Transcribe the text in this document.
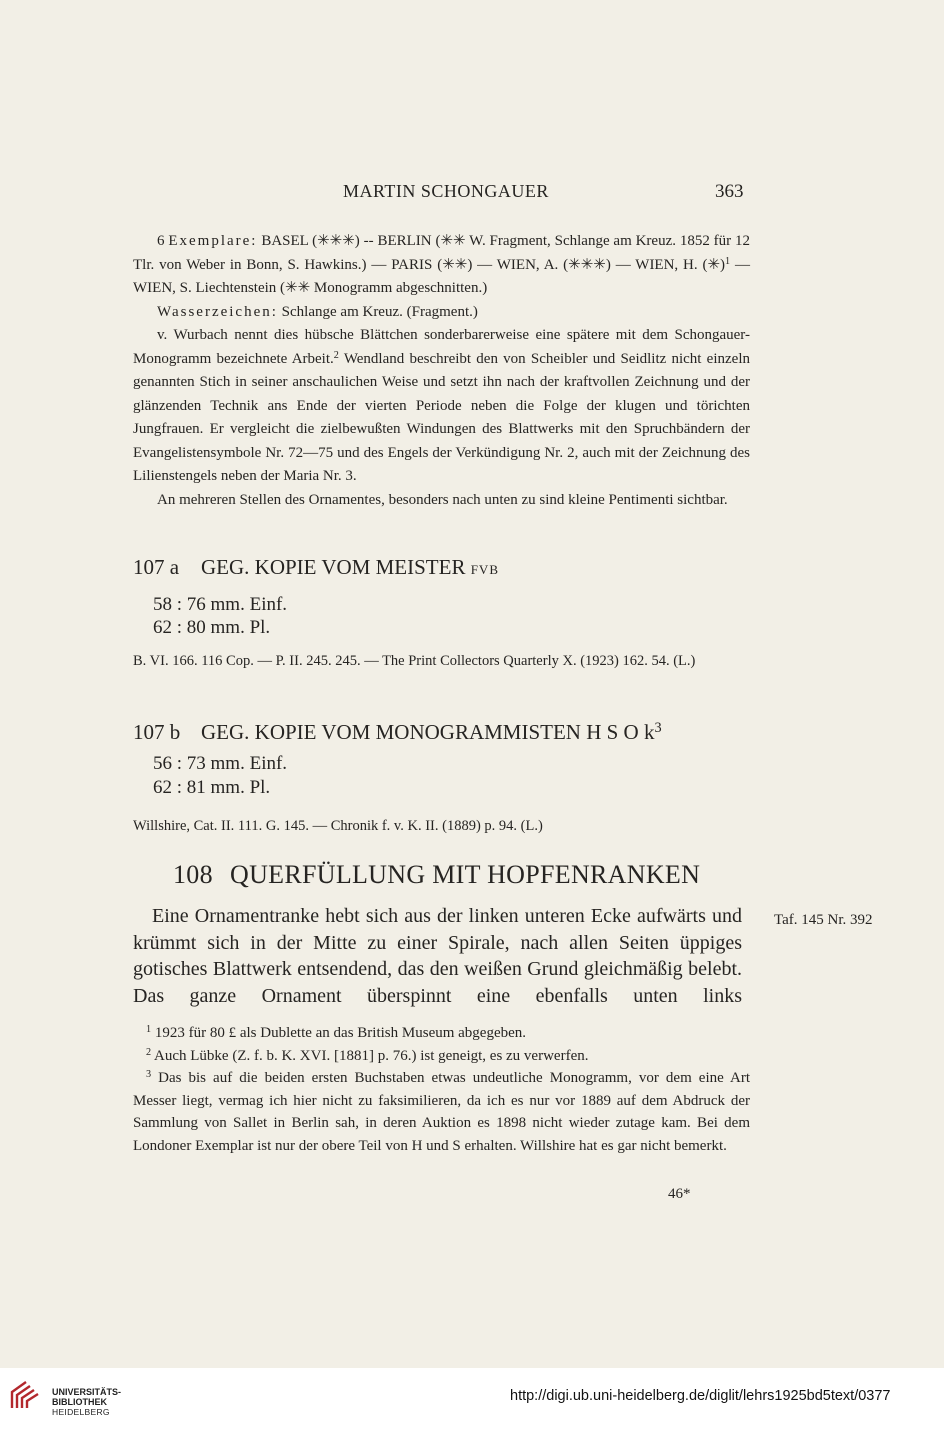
MARTIN SCHONGAUER	363

6 Exemplare: BASEL (✳︎✳︎✳︎) -- BERLIN (✳︎✳︎ W. Fragment, Schlange am Kreuz. 1852 für 12 Tlr. von Weber in Bonn, S. Hawkins.) — PARIS (✳︎✳︎) — WIEN, A. (✳︎✳︎✳︎) — WIEN, H. (✳︎)$^1$ — WIEN, S. Liechtenstein (✳︎✳︎ Monogramm abgeschnitten.)

Wasserzeichen: Schlange am Kreuz. (Fragment.)

v. Wurbach nennt dies hübsche Blättchen sonderbarerweise eine spätere mit dem Schongauer-Monogramm bezeichnete Arbeit.$^2$ Wendland beschreibt den von Scheibler und Seidlitz nicht einzeln genannten Stich in seiner anschaulichen Weise und setzt ihn nach der kraftvollen Zeichnung und der glänzenden Technik ans Ende der vierten Periode neben die Folge der klugen und törichten Jungfrauen. Er vergleicht die zielbewußten Windungen des Blattwerks mit den Spruchbändern der Evangelistensymbole Nr. 72—75 und des Engels der Verkündigung Nr. 2, auch mit der Zeichnung des Lilienstengels neben der Maria Nr. 3.

An mehreren Stellen des Ornamentes, besonders nach unten zu sind kleine Pentimenti sichtbar.

107 a GEG. KOPIE VOM MEISTER FVB
58 : 76 mm. Einf.
62 : 80 mm. Pl.
B. VI. 166. 116 Cop. — P. II. 245. 245. — The Print Collectors Quarterly X. (1923) 162. 54. (L.)
107 b GEG. KOPIE VOM MONOGRAMMISTEN H S O $k^3$
56 : 73 mm. Einf.
62 : 81 mm. Pl.
Willshire, Cat. II. 111. G. 145. — Chronik f. v. K. II. (1889) p. 94. (L.)
108 QUERFÜLLUNG MIT HOPFENRANKEN

Eine Ornamentranke hebt sich aus der linken unteren Ecke aufwärts und krümmt sich in der Mitte zu einer Spirale, nach allen Seiten üppiges gotisches Blattwerk entsendend, das den weißen Grund gleichmäßig belebt. Das ganze Ornament überspinnt eine ebenfalls unten links

Taf. 145 Nr. 392

$^1$ 1923 für 80 £ als Dublette an das British Museum abgegeben.

$^2$ Auch Lübke (Z. f. b. K. XVI. [1881] p. 76.) ist geneigt, es zu verwerfen.

$^3$ Das bis auf die beiden ersten Buchstaben etwas undeutliche Monogramm, vor dem eine Art Messer liegt, vermag ich hier nicht zu faksimilieren, da ich es nur vor 1889 auf dem Abdruck der Sammlung von Sallet in Berlin sah, in deren Auktion es 1898 nicht wieder zutage kam. Bei dem Londoner Exemplar ist nur der obere Teil von H und S erhalten. Willshire hat es gar nicht bemerkt.

46*
UNIVERSITÄTS-
BIBLIOTHEK
HEIDELBERG
http://digi.ub.uni-heidelberg.de/diglit/lehrs1925bd5text/0377
